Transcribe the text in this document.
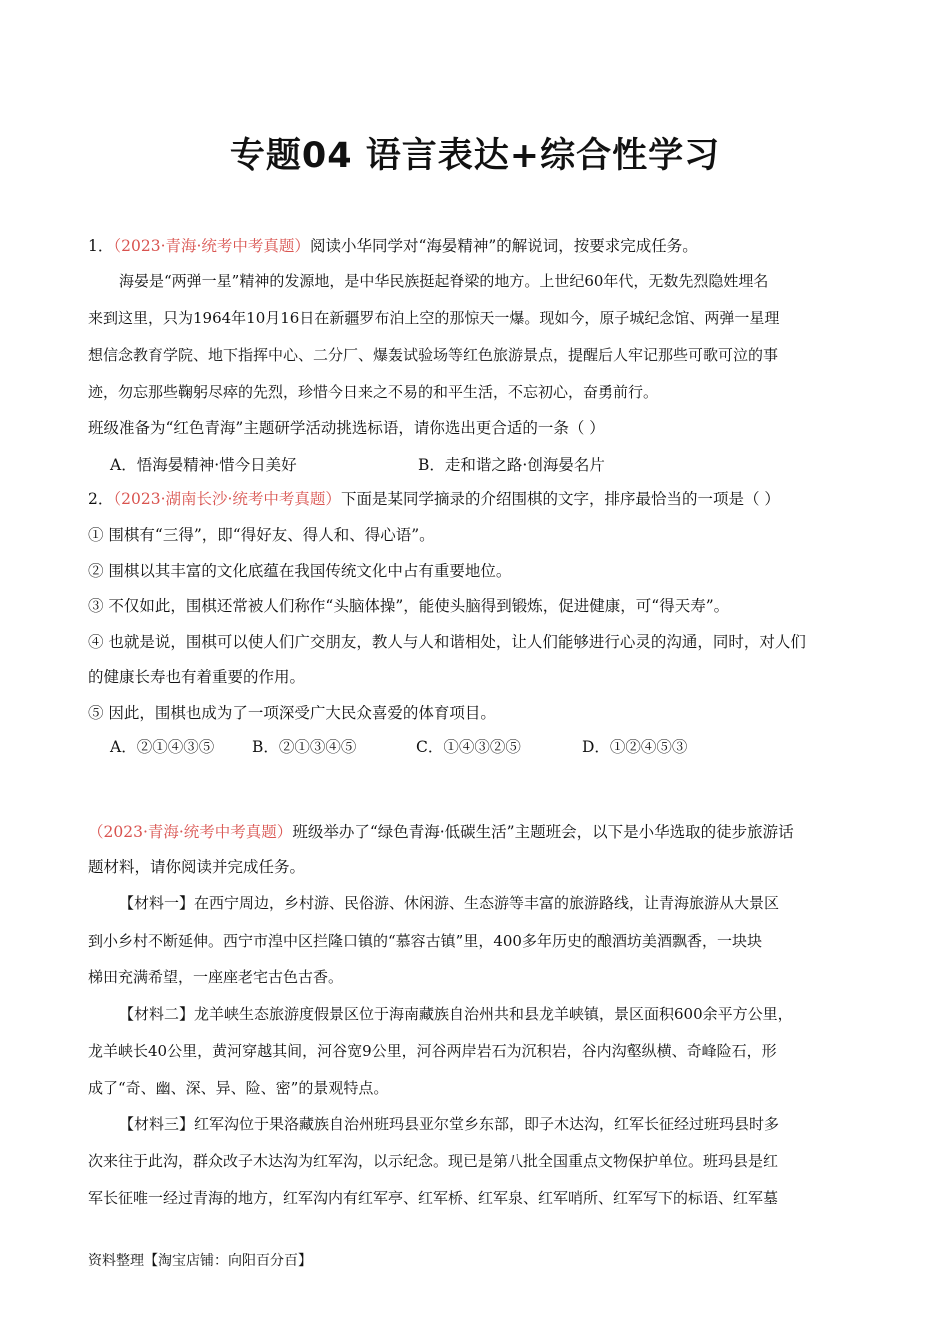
专题04 语言表达+综合性学习
1．（2023·青海·统考中考真题）阅读小华同学对“海晏精神”的解说词，按要求完成任务。
海晏是“两弹一星”精神的发源地，是中华民族挺起脊梁的地方。上世纪60年代，无数先烈隐姓埋名
来到这里，只为1964年10月16日在新疆罗布泊上空的那惊天一爆。现如今，原子城纪念馆、两弹一星理
想信念教育学院、地下指挥中心、二分厂、爆轰试验场等红色旅游景点，提醒后人牢记那些可歌可泣的事
迹，勿忘那些鞠躬尽瘁的先烈，珍惜今日来之不易的和平生活，不忘初心，奋勇前行。
班级准备为“红色青海”主题研学活动挑选标语，请你选出更合适的一条（ ）
A．悟海晏精神·惜今日美好	B．走和谐之路·创海晏名片
2．（2023·湖南长沙·统考中考真题）下面是某同学摘录的介绍围棋的文字，排序最恰当的一项是（ ）
① 围棋有“三得”，即“得好友、得人和、得心语”。
② 围棋以其丰富的文化底蕴在我国传统文化中占有重要地位。
③ 不仅如此，围棋还常被人们称作“头脑体操”，能使头脑得到锻炼，促进健康，可“得天寿”。
④ 也就是说，围棋可以使人们广交朋友，教人与人和谐相处，让人们能够进行心灵的沟通，同时，对人们
的健康长寿也有着重要的作用。
⑤ 因此，围棋也成为了一项深受广大民众喜爱的体育项目。
A．②①④③⑤ B．②①③④⑤	C．①④③②⑤	D．①②④⑤③
（2023·青海·统考中考真题）班级举办了“绿色青海·低碳生活”主题班会，以下是小华选取的徒步旅游话
题材料，请你阅读并完成任务。
【材料一】在西宁周边，乡村游、民俗游、休闲游、生态游等丰富的旅游路线，让青海旅游从大景区
到小乡村不断延伸。西宁市湟中区拦隆口镇的“慕容古镇”里，400多年历史的酿酒坊美酒飘香，一块块
梯田充满希望，一座座老宅古色古香。
【材料二】龙羊峡生态旅游度假景区位于海南藏族自治州共和县龙羊峡镇，景区面积600余平方公里，
龙羊峡长40公里，黄河穿越其间，河谷宽9公里，河谷两岸岩石为沉积岩，谷内沟壑纵横、奇峰险石，形
成了“奇、幽、深、异、险、密”的景观特点。
【材料三】红军沟位于果洛藏族自治州班玛县亚尔堂乡东部，即子木达沟，红军长征经过班玛县时多
次来往于此沟，群众改子木达沟为红军沟，以示纪念。现已是第八批全国重点文物保护单位。班玛县是红
军长征唯一经过青海的地方，红军沟内有红军亭、红军桥、红军泉、红军哨所、红军写下的标语、红军墓
资料整理【淘宝店铺：向阳百分百】
